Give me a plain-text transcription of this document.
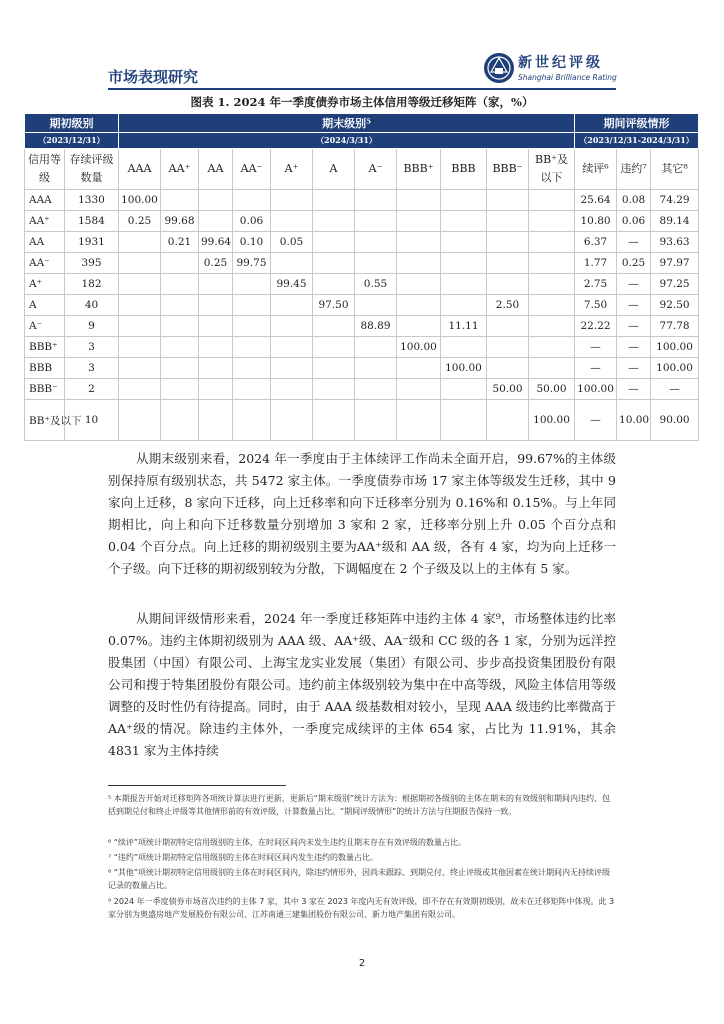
市场表现研究
新世纪评级
Shanghai Brilliance Rating
图表 1. 2024 年一季度债券市场主体信用等级迁移矩阵（家，%）
期初级别		期末级别⁵											期间评级情形		
（2023/12/31）		（2024/3/31）											（2023/12/31-2024/3/31）		
信用等级	存续评级数量	AAA	AA⁺	AA	AA⁻	A⁺	A	A⁻	BBB⁺	BBB	BBB⁻	BB⁺及以下	续评⁶	违约⁷	其它⁸
AAA	1330	100.00											25.64	0.08	74.29
AA⁺	1584	0.25	99.68		0.06								10.80	0.06	89.14
AA	1931		0.21	99.64	0.10	0.05							6.37	—	93.63
AA⁻	395			0.25	99.75								1.77	0.25	97.97
A⁺	182					99.45		0.55					2.75	—	97.25
A	40						97.50				2.50		7.50	—	92.50
A⁻	9							88.89		11.11			22.22	—	77.78
BBB⁺	3								100.00				—	—	100.00
BBB	3									100.00			—	—	100.00
BBB⁻	2										50.00	50.00	100.00	—	—
BB⁺及以下	10											100.00	—	10.00	90.00
从期末级别来看，2024 年一季度由于主体续评工作尚未全面开启，99.67%的主体级别保持原有级别状态，共 5472 家主体。一季度债券市场 17 家主体等级发生迁移，其中 9 家向上迁移，8 家向下迁移，向上迁移率和向下迁移率分别为 0.16%和 0.15%。与上年同期相比，向上和向下迁移数量分别增加 3 家和 2 家，迁移率分别上升 0.05 个百分点和 0.04 个百分点。向上迁移的期初级别主要为AA⁺级和 AA 级，各有 4 家，均为向上迁移一个子级。向下迁移的期初级别较为分散，下调幅度在 2 个子级及以上的主体有 5 家。
从期间评级情形来看，2024 年一季度迁移矩阵中违约主体 4 家⁹，市场整体违约比率 0.07%。违约主体期初级别为 AAA 级、AA⁺级、AA⁻级和 CC 级的各 1 家，分别为远洋控股集团（中国）有限公司、上海宝龙实业发展（集团）有限公司、步步高投资集团股份有限公司和搜于特集团股份有限公司。违约前主体级别较为集中在中高等级，风险主体信用等级调整的及时性仍有待提高。同时，由于 AAA 级基数相对较小，呈现 AAA 级违约比率微高于 AA⁺级的情况。除违约主体外，一季度完成续评的主体 654 家，占比为 11.91%，其余 4831 家为主体持续
⁵ 本期报告开始对迁移矩阵各项统计算法进行更新，更新后“期末级别”统计方法为：根据期初各级别的主体在期末的有效级别和期间内违约、包括到期兑付和终止评级等其他情形前的有效评级，计算数量占比。“期间评级情形”的统计方法与往期报告保持一致。
⁶ “续评”项统计期初特定信用级别的主体，在时间区间内未发生违约且期末存在有效评级的数量占比。
⁷ “违约”项统计期初特定信用级别的主体在时间区间内发生违约的数量占比。
⁸ “其他”项统计期初特定信用级别的主体在时间区间内，除违约情形外，因尚未跟踪、到期兑付、终止评级或其他因素在统计期间内无持续评级记录的数量占比。
⁹ 2024 年一季度债券市场首次违约的主体 7 家，其中 3 家在 2023 年度内无有效评级，即不存在有效期初级别，故未在迁移矩阵中体现。此 3 家分别为奥盛房地产发展股份有限公司、江苏南通三建集团股份有限公司、新力地产集团有限公司。
2
